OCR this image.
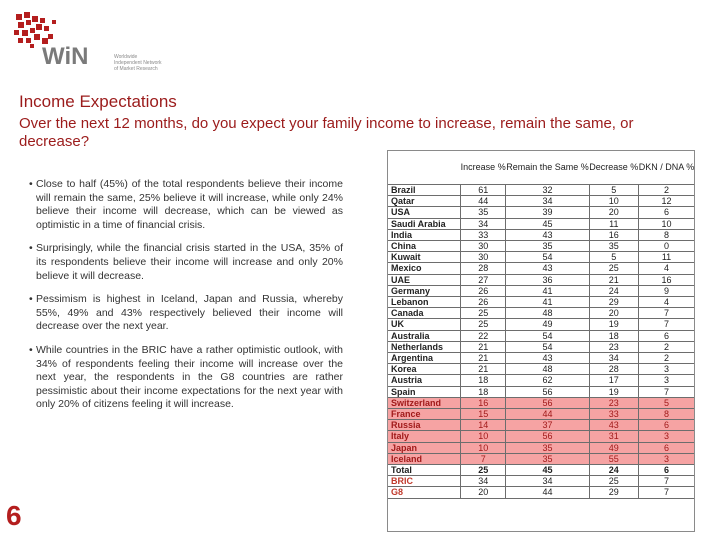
WiN	Worldwide
Independent Network
of Market Research
Income Expectations
Over the next 12 months, do you expect your family income to increase, remain the same, or decrease?
• Close to half (45%) of the total respondents believe their income will remain the same, 25% believe it will increase, while only 24% believe their income will decrease, which can be viewed as optimistic in a time of financial crisis.
• Surprisingly, while the financial crisis started in the USA, 35% of its respondents believe their income will increase and only 20% believe it will decrease.
• Pessimism is highest in Iceland, Japan and Russia, whereby 55%, 49% and 43% respectively believed their income will decrease over the next year.
• While countries in the BRIC have a rather optimistic outlook, with 34% of respondents feeling their income will increase over the next year, the respondents in the G8 countries are rather pessimistic about their income expectations for the next year with only 20% of citizens feeling it will increase.
6
	Increase %	Remain the Same %	Decrease %	DKN / DNA %
Brazil	61	32	5	2
Qatar	44	34	10	12
USA	35	39	20	6
Saudi Arabia	34	45	11	10
India	33	43	16	8
China	30	35	35	0
Kuwait	30	54	5	11
Mexico	28	43	25	4
UAE	27	36	21	16
Germany	26	41	24	9
Lebanon	26	41	29	4
Canada	25	48	20	7
UK	25	49	19	7
Australia	22	54	18	6
Netherlands	21	54	23	2
Argentina	21	43	34	2
Korea	21	48	28	3
Austria	18	62	17	3
Spain	18	56	19	7
Switzerland	16	56	23	5
France	15	44	33	8
Russia	14	37	43	6
Italy	10	56	31	3
Japan	10	35	49	6
Iceland	7	35	55	3
Total	25	45	24	6
BRIC	34	34	25	7
G8	20	44	29	7
